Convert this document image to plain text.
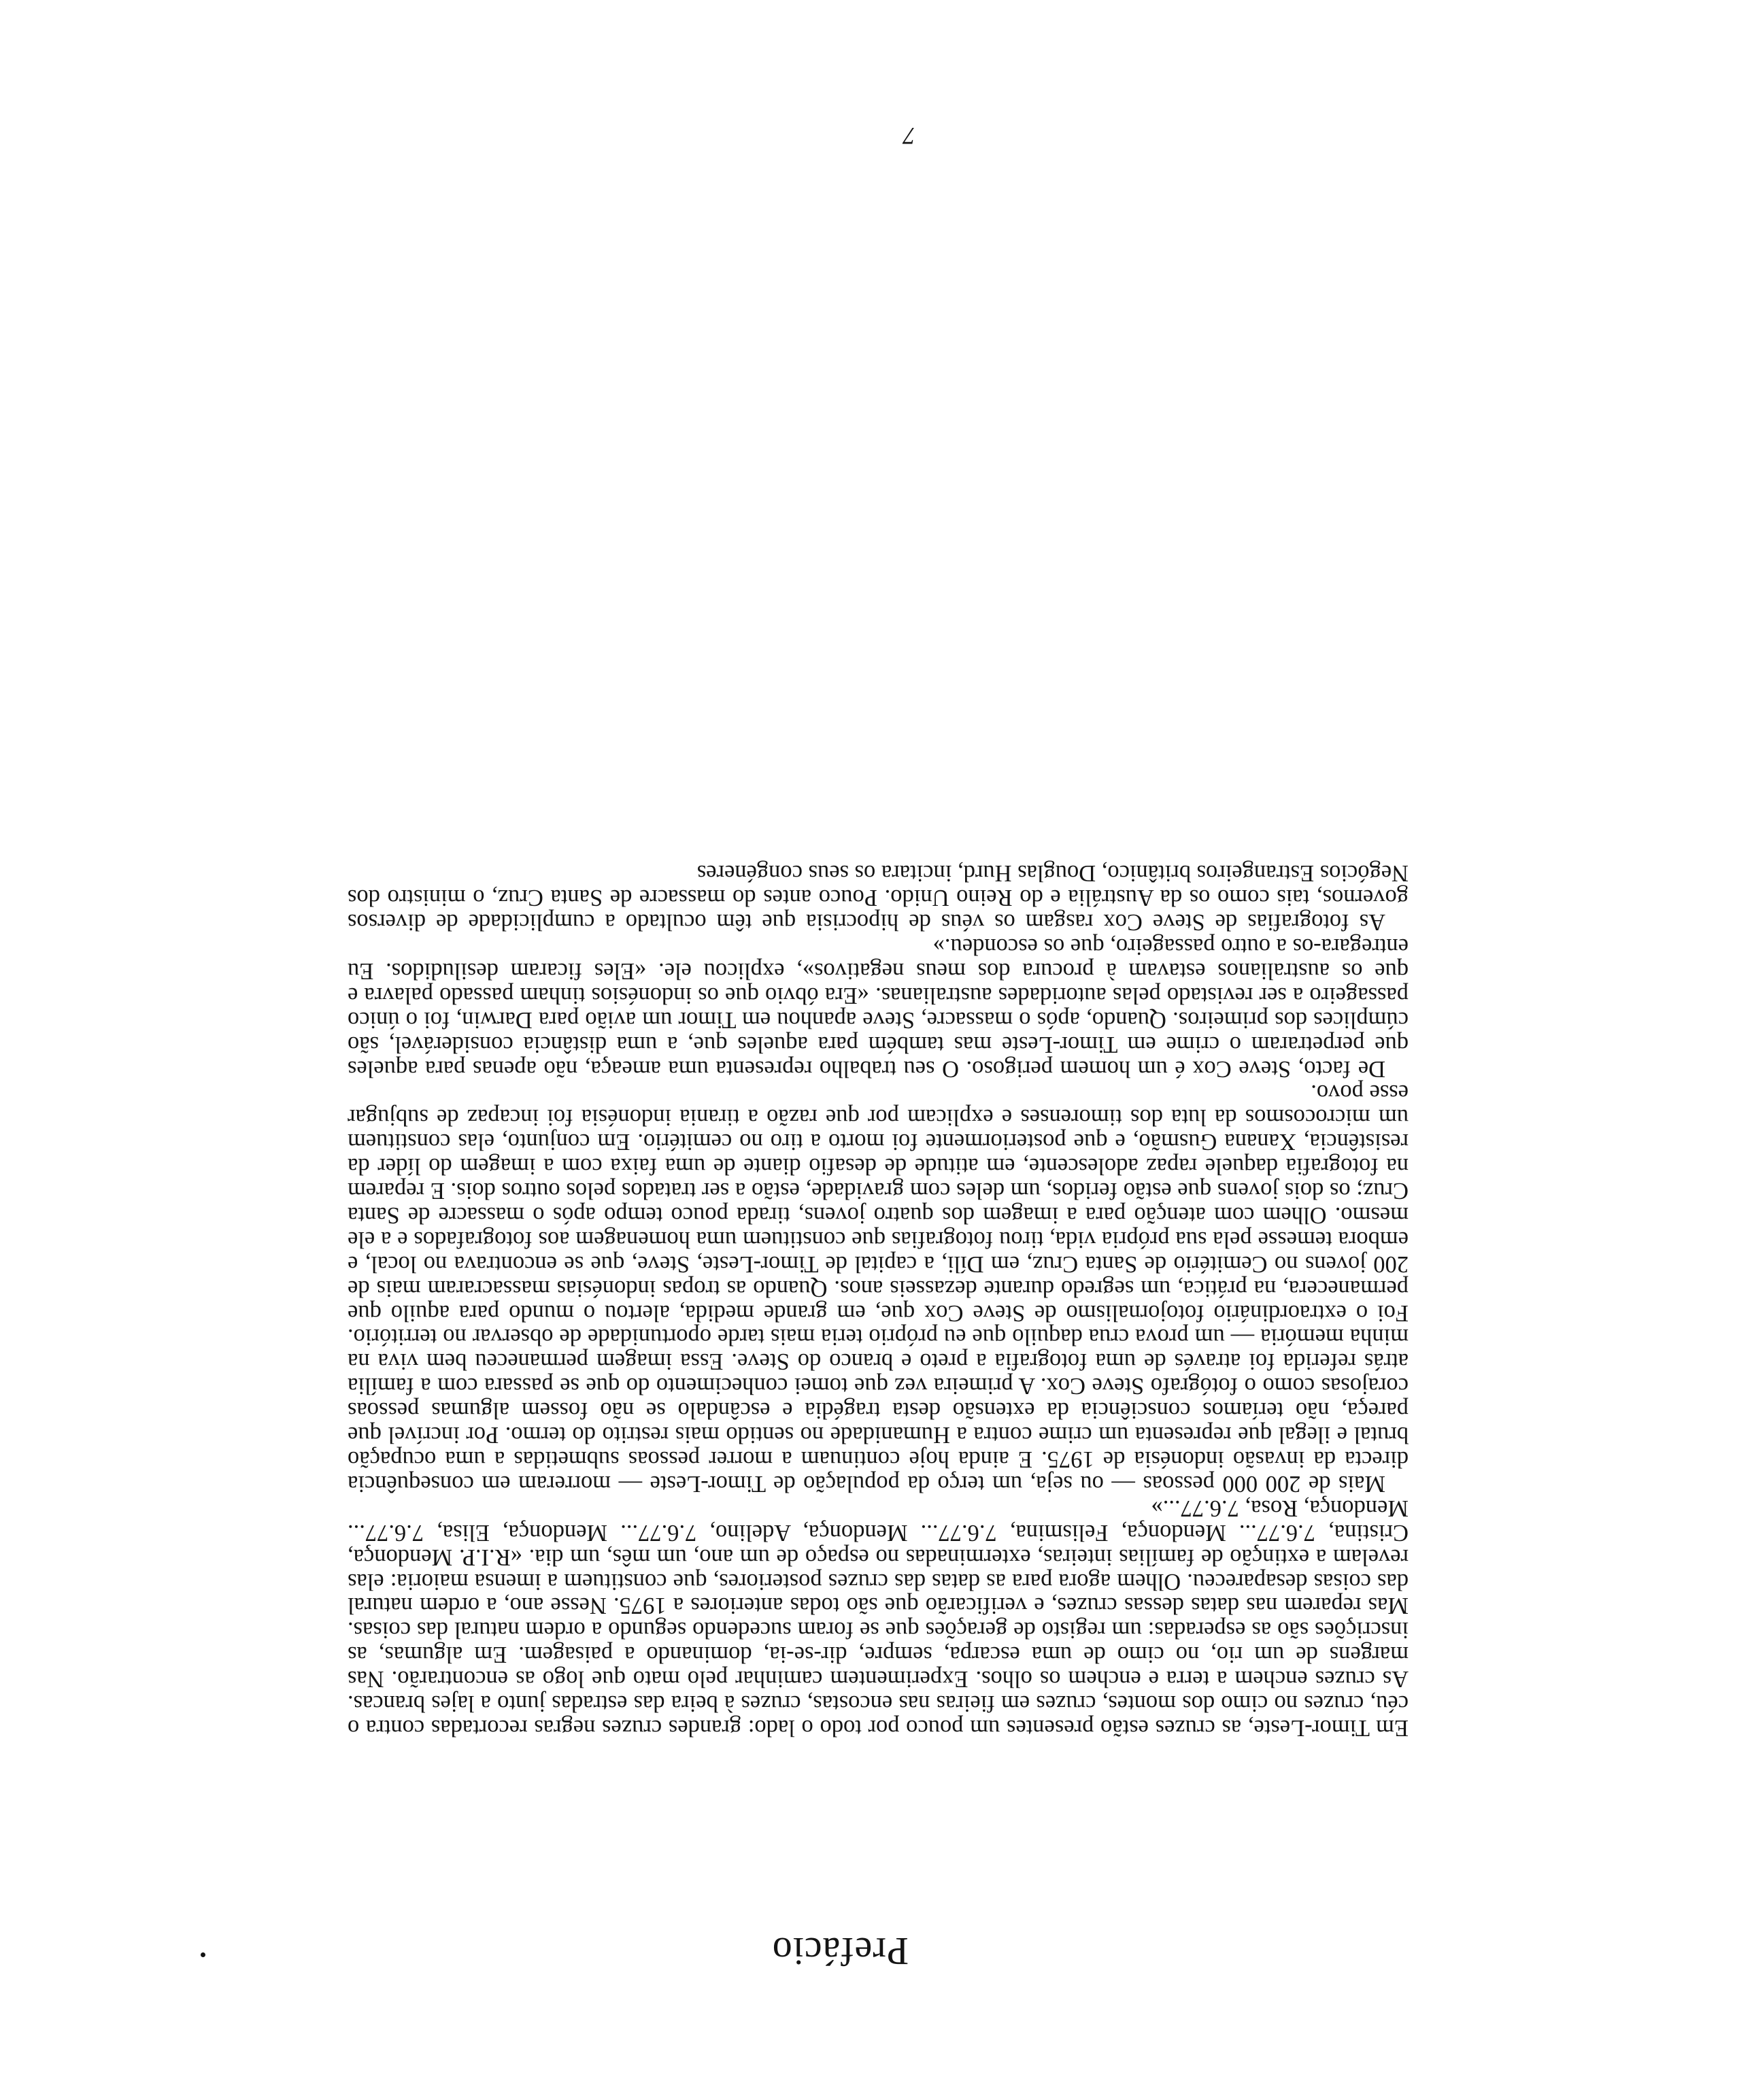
Prefácio

Em Timor-Leste, as cruzes estão presentes um pouco por todo o lado: grandes cruzes negras recortadas contra o céu, cruzes no cimo dos montes, cruzes em fieiras nas encostas, cruzes à beira das estradas junto a lajes brancas. As cruzes enchem a terra e enchem os olhos. Experimentem caminhar pelo mato que logo as encontrarão. Nas margens de um rio, no cimo de uma escarpa, sempre, dir-se-ia, dominando a paisagem. Em algumas, as inscrições são as esperadas: um registo de gerações que se foram sucedendo segundo a ordem natural das coisas. Mas reparem nas datas dessas cruzes, e verificarão que são todas anteriores a 1975. Nesse ano, a ordem natural das coisas desapareceu. Olhem agora para as datas das cruzes posteriores, que constituem a imensa maioria: elas revelam a extinção de famílias inteiras, exterminadas no espaço de um ano, um mês, um dia. «R.I.P. Mendonça, Cristina, 7.6.77... Mendonça, Felismina, 7.6.77... Mendonça, Adelino, 7.6.77... Mendonça, Elisa, 7.6.77... Mendonça, Rosa, 7.6.77...»

Mais de 200 000 pessoas — ou seja, um terço da população de Timor-Leste — morreram em consequência directa da invasão indonésia de 1975. E ainda hoje continuam a morrer pessoas submetidas a uma ocupação brutal e ilegal que representa um crime contra a Humanidade no sentido mais restrito do termo. Por incrível que pareça, não teríamos consciência da extensão desta tragédia e escândalo se não fossem algumas pessoas corajosas como o fotógrafo Steve Cox. A primeira vez que tomei conhecimento do que se passara com a família atrás referida foi através de uma fotografia a preto e branco do Steve. Essa imagem permaneceu bem viva na minha memória — um prova crua daquilo que eu próprio teria mais tarde oportunidade de observar no território. Foi o extraordinário fotojornalismo de Steve Cox que, em grande medida, alertou o mundo para aquilo que permanecera, na prática, um segredo durante dezasseis anos. Quando as tropas indonésias massacraram mais de 200 jovens no Cemitério de Santa Cruz, em Díli, a capital de Timor-Leste, Steve, que se encontrava no local, e embora temesse pela sua própria vida, tirou fotografias que constituem uma homenagem aos fotografados e a ele mesmo. Olhem com atenção para a imagem dos quatro jovens, tirada pouco tempo após o massacre de Santa Cruz; os dois jovens que estão feridos, um deles com gravidade, estão a ser tratados pelos outros dois. E reparem na fotografia daquele rapaz adolescente, em atitude de desafio diante de uma faixa com a imagem do líder da resistência, Xanana Gusmão, e que posteriormente foi morto a tiro no cemitério. Em conjunto, elas constituem um microcosmos da luta dos timorenses e explicam por que razão a tirania indonésia foi incapaz de subjugar esse povo.

De facto, Steve Cox é um homem perigoso. O seu trabalho representa uma ameaça, não apenas para aqueles que perpetraram o crime em Timor-Leste mas também para aqueles que, a uma distância considerável, são cúmplices dos primeiros. Quando, após o massacre, Steve apanhou em Timor um avião para Darwin, foi o único passageiro a ser revistado pelas autoridades australianas. «Era óbvio que os indonésios tinham passado palavra e que os australianos estavam à procura dos meus negativos», explicou ele. «Eles ficaram desiludidos. Eu entregara-os a outro passageiro, que os escondeu.»

As fotografias de Steve Cox rasgam os véus de hipocrisia que têm ocultado a cumplicidade de diversos governos, tais como os da Austrália e do Reino Unido. Pouco antes do massacre de Santa Cruz, o ministro dos Negócios Estrangeiros britânico, Douglas Hurd, incitara os seus congéneres

7
